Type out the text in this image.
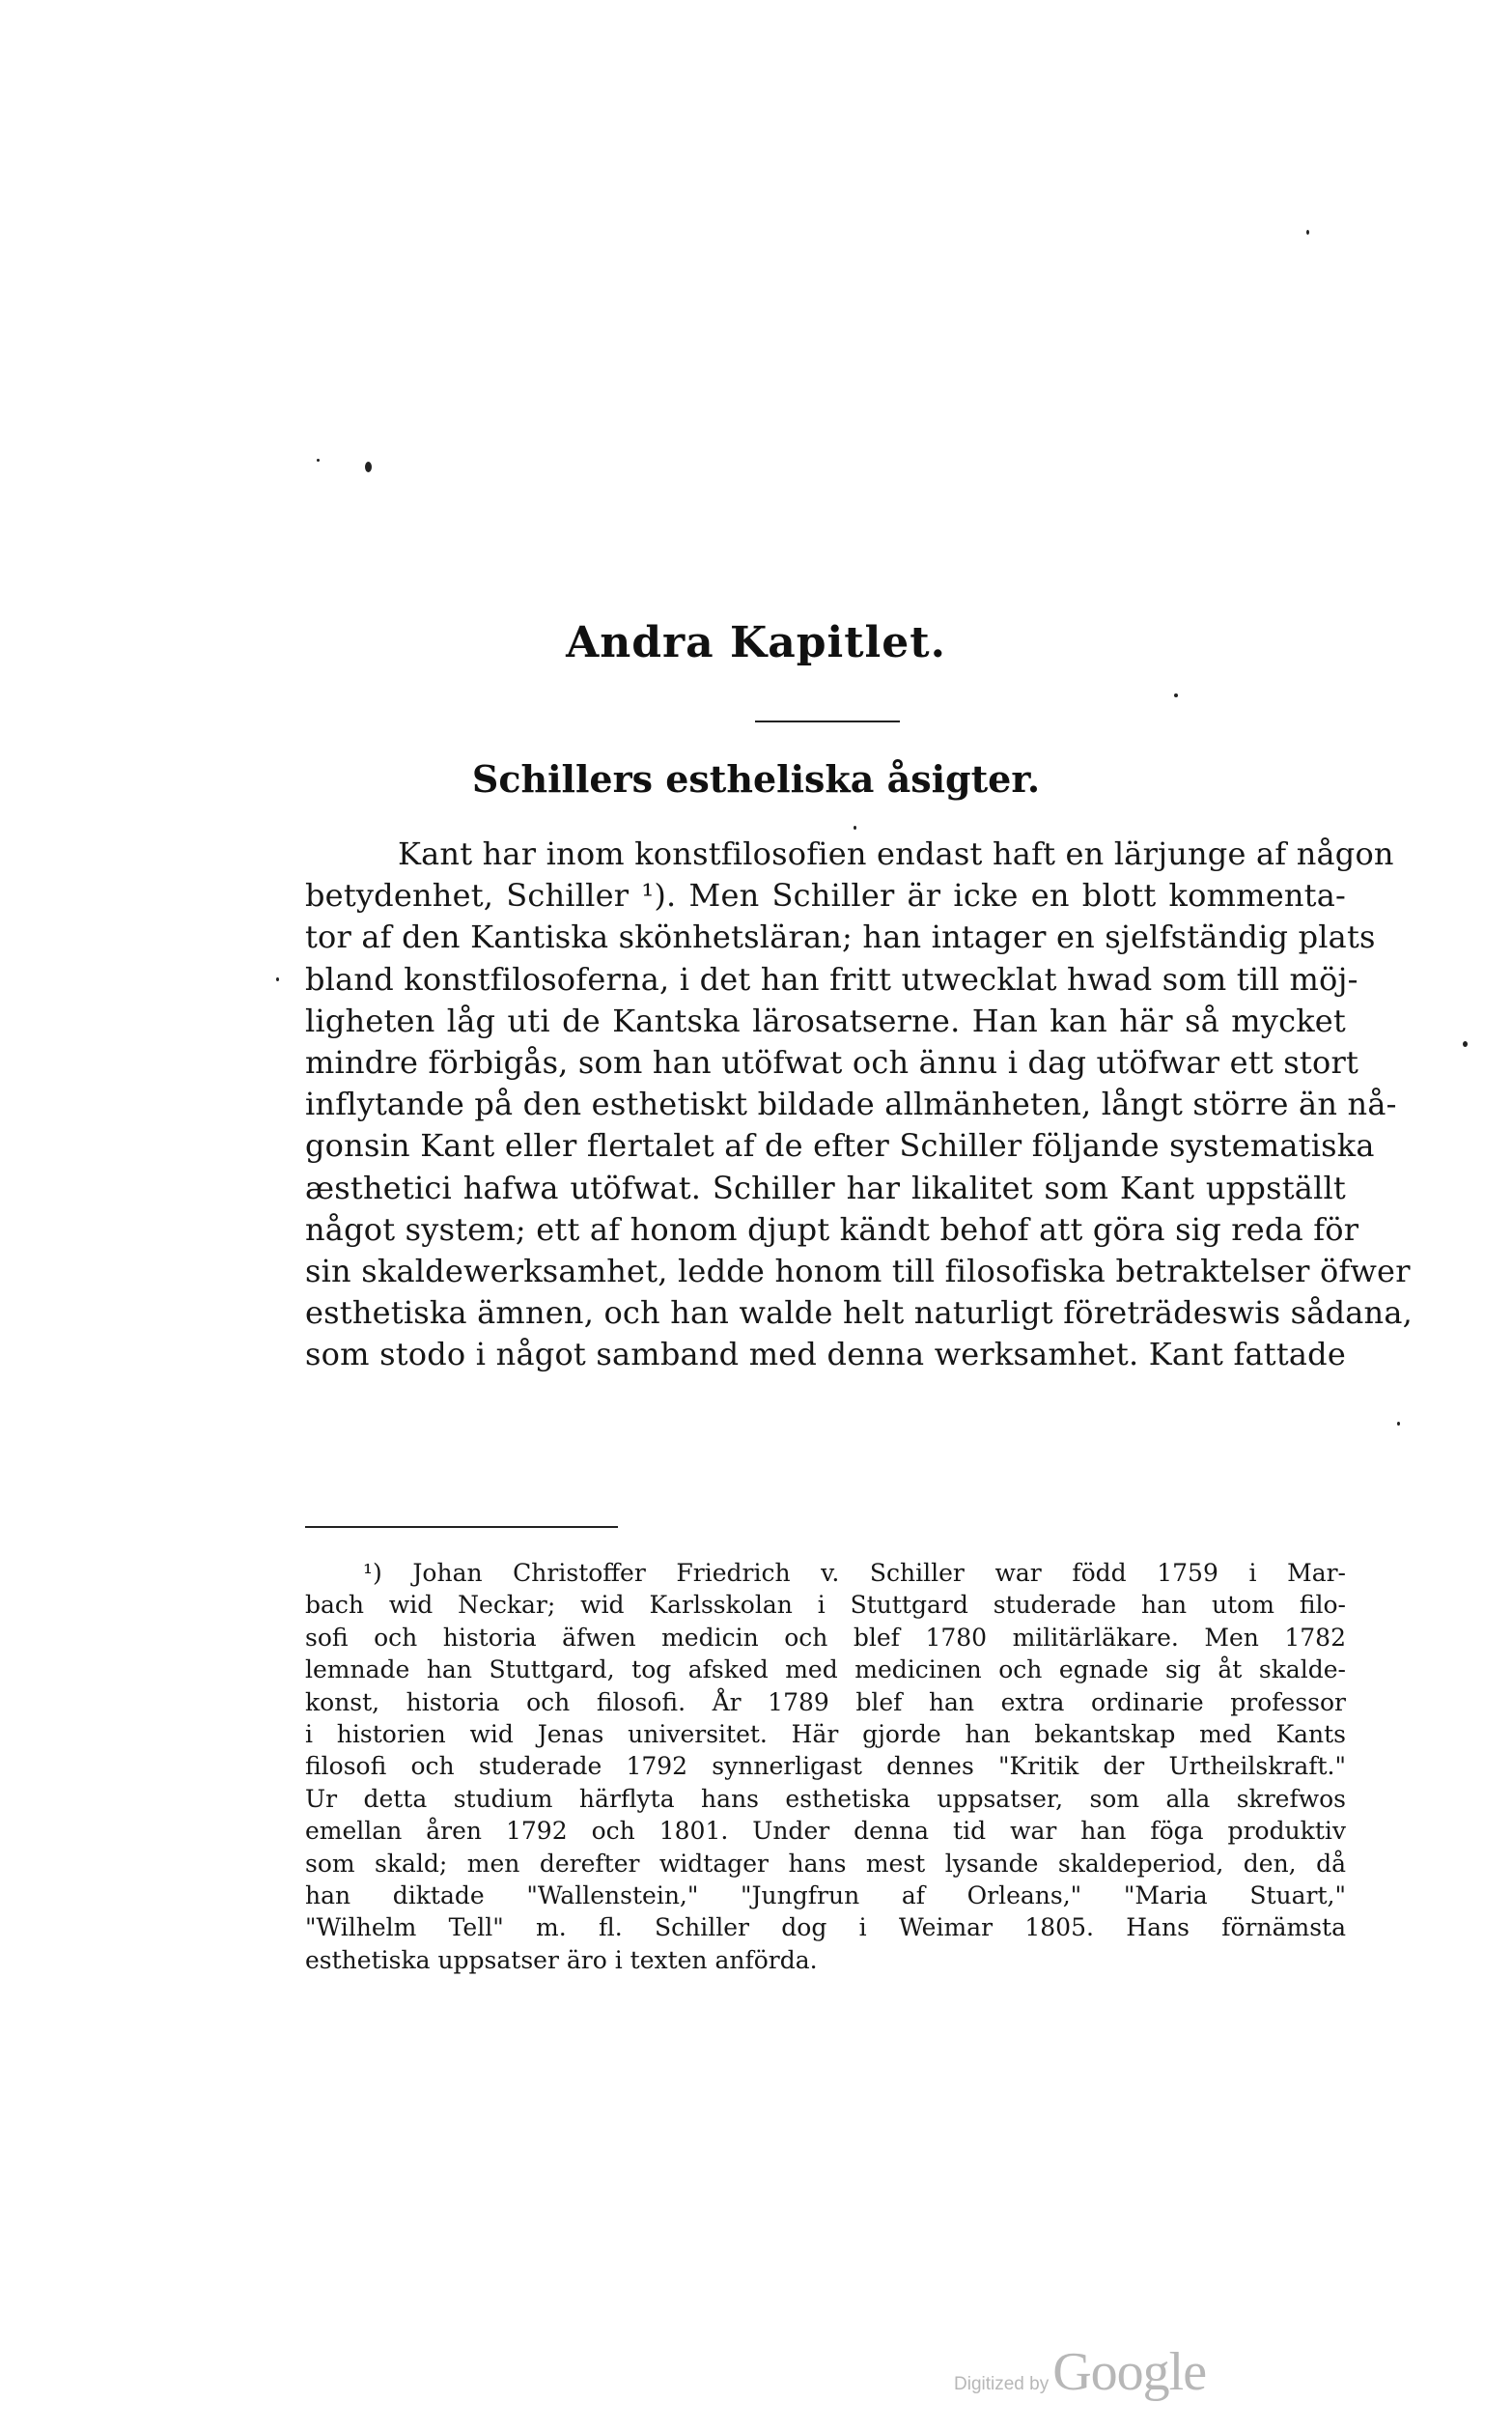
Andra Kapitlet.
Schillers estheliska åsigter.
Kant har inom konstfilosofien endast haft en lärjunge af någon
betydenhet, Schiller ¹). Men Schiller är icke en blott kommenta-
tor af den Kantiska skönhetsläran; han intager en sjelfständig plats
bland konstfilosoferna, i det han fritt utwecklat hwad som till möj-
ligheten låg uti de Kantska lärosatserne. Han kan här så mycket
mindre förbigås, som han utöfwat och ännu i dag utöfwar ett stort
inflytande på den esthetiskt bildade allmänheten, långt större än nå-
gonsin Kant eller flertalet af de efter Schiller följande systematiska
æsthetici hafwa utöfwat. Schiller har likalitet som Kant uppställt
något system; ett af honom djupt kändt behof att göra sig reda för
sin skaldewerksamhet, ledde honom till filosofiska betraktelser öfwer
esthetiska ämnen, och han walde helt naturligt företrädeswis sådana,
som stodo i något samband med denna werksamhet. Kant fattade
¹) Johan Christoffer Friedrich v. Schiller war född 1759 i Mar-
bach wid Neckar; wid Karlsskolan i Stuttgard studerade han utom filo-
sofi och historia äfwen medicin och blef 1780 militärläkare. Men 1782
lemnade han Stuttgard, tog afsked med medicinen och egnade sig åt skalde-
konst, historia och filosofi. År 1789 blef han extra ordinarie professor
i historien wid Jenas universitet. Här gjorde han bekantskap med Kants
filosofi och studerade 1792 synnerligast dennes "Kritik der Urtheilskraft."
Ur detta studium härflyta hans esthetiska uppsatser, som alla skrefwos
emellan åren 1792 och 1801. Under denna tid war han föga produktiv
som skald; men derefter widtager hans mest lysande skaldeperiod, den, då
han diktade "Wallenstein," "Jungfrun af Orleans," "Maria Stuart,"
"Wilhelm Tell" m. fl. Schiller dog i Weimar 1805. Hans förnämsta
esthetiska uppsatser äro i texten anförda.
Digitized byGoogle
